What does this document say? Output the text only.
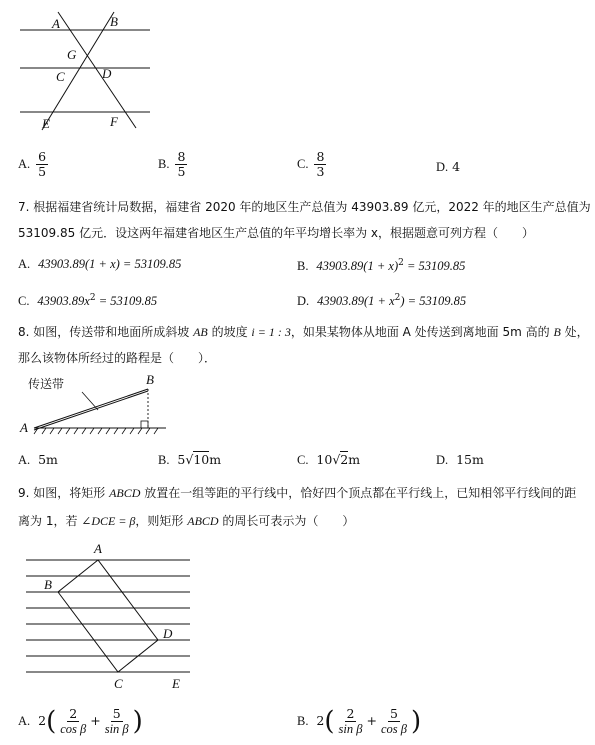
A	B
G
C	D
E	F
A. $\frac{6}{5}$	B. $\frac{8}{5}$	C. $\frac{8}{3}$	D. 4
7. 根据福建省统计局数据，福建省 2020 年的地区生产总值为 43903.89 亿元，2022 年的地区生产总值为
53109.85 亿元．设这两年福建省地区生产总值的年平均增长率为 x，根据题意可列方程（　　）
A. 43903.89(1 + x) = 53109.85	B. $43903.89(1 + x)^2 = 53109.85$
C. $43903.89x^2 = 53109.85$	D. $43903.89(1 + x^2) = 53109.85$
8. 如图，传送带和地面所成斜坡 AB 的坡度 i = 1 : 3，如果某物体从地面 A 处传送到离地面 5m 高的 B 处，
那么该物体所经过的路程是（　　）．
传送带
A
B
A. 5m	B. 5√10m	C. 10√2m	D. 15m
9. 如图，将矩形 ABCD 放置在一组等距的平行线中，恰好四个顶点都在平行线上，已知相邻平行线间的距
离为 1，若 ∠DCE = β，则矩形 ABCD 的周长可表示为（　　）
A
B
C
D
E
A. $2( \frac{2}{\text{cos β}} + \frac{5}{\text{sin β}}$ )	B. $2( \frac{2}{\text{sin β}} + \frac{5}{\text{cos β}}$ )
